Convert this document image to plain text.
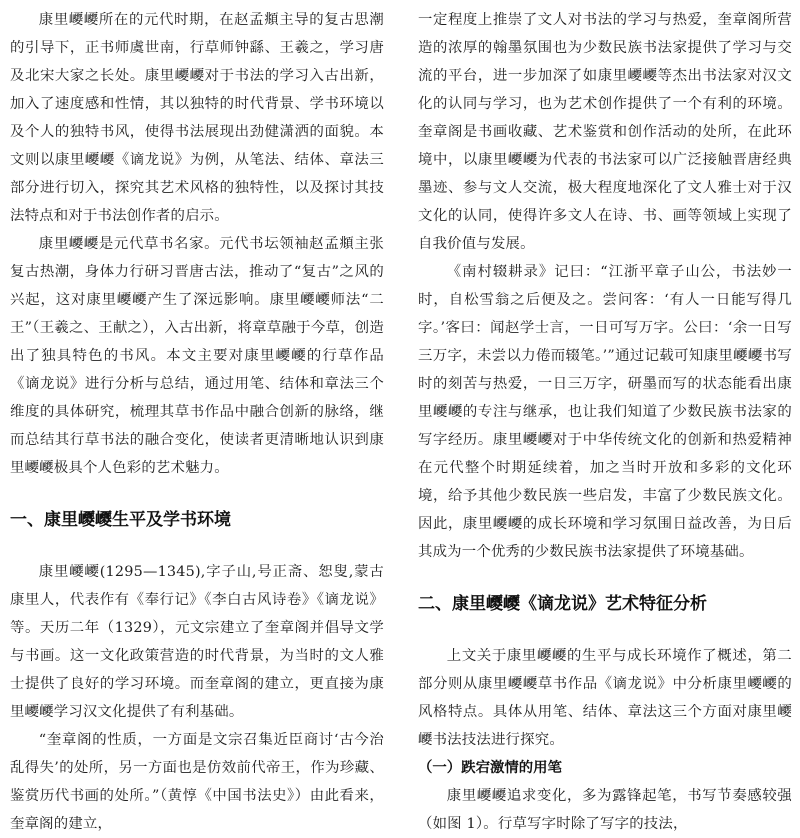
康里巎巎所在的元代时期，在赵孟頫主导的复古思潮的引导下，正书师虞世南，行草师钟繇、王羲之，学习唐及北宋大家之长处。康里巎巎对于书法的学习入古出新，加入了速度感和性情，其以独特的时代背景、学书环境以及个人的独特书风，使得书法展现出劲健潇洒的面貌。本文则以康里巎巎《谪龙说》为例，从笔法、结体、章法三部分进行切入，探究其艺术风格的独特性，以及探讨其技法特点和对于书法创作者的启示。

康里巎巎是元代草书名家。元代书坛领袖赵孟頫主张复古热潮，身体力行研习晋唐古法，推动了“复古”之风的兴起，这对康里巎巎产生了深远影响。康里巎巎师法“二王”（王羲之、王献之），入古出新，将章草融于今草，创造出了独具特色的书风。本文主要对康里巎巎的行草作品《谪龙说》进行分析与总结，通过用笔、结体和章法三个维度的具体研究，梳理其草书作品中融合创新的脉络，继而总结其行草书法的融合变化，使读者更清晰地认识到康里巎巎极具个人色彩的艺术魅力。

一、康里巎巎生平及学书环境

康里巎巎(1295—1345),字子山,号正斋、恕叟,蒙古康里人，代表作有《奉行记》《李白古风诗卷》《谪龙说》等。天历二年（1329），元文宗建立了奎章阁并倡导文学与书画。这一文化政策营造的时代背景，为当时的文人雅士提供了良好的学习环境。而奎章阁的建立，更直接为康里巎巎学习汉文化提供了有利基础。

“奎章阁的性质，一方面是文宗召集近臣商讨‘古今治乱得失’的处所，另一方面也是仿效前代帝王，作为珍藏、鉴赏历代书画的处所。”（黄惇《中国书法史》）由此看来，奎章阁的建立，

一定程度上推崇了文人对书法的学习与热爱，奎章阁所营造的浓厚的翰墨氛围也为少数民族书法家提供了学习与交流的平台，进一步加深了如康里巎巎等杰出书法家对汉文化的认同与学习，也为艺术创作提供了一个有利的环境。奎章阁是书画收藏、艺术鉴赏和创作活动的处所，在此环境中，以康里巎巎为代表的书法家可以广泛接触晋唐经典墨迹、参与文人交流，极大程度地深化了文人雅士对于汉文化的认同，使得许多文人在诗、书、画等领域上实现了自我价值与发展。

《南村辍耕录》记曰：“江浙平章子山公，书法妙一时，自松雪翁之后便及之。尝问客：‘有人一日能写得几字。’客曰：闻赵学士言，一日可写万字。公曰：‘余一日写三万字，未尝以力倦而辍笔。’”通过记载可知康里巎巎书写时的刻苦与热爱，一日三万字，研墨而写的状态能看出康里巎巎的专注与继承，也让我们知道了少数民族书法家的写字经历。康里巎巎对于中华传统文化的创新和热爱精神在元代整个时期延续着，加之当时开放和多彩的文化环境，给予其他少数民族一些启发，丰富了少数民族文化。因此，康里巎巎的成长环境和学习氛围日益改善，为日后其成为一个优秀的少数民族书法家提供了环境基础。

二、康里巎巎《谪龙说》艺术特征分析

上文关于康里巎巎的生平与成长环境作了概述，第二部分则从康里巎巎草书作品《谪龙说》中分析康里巎巎的风格特点。具体从用笔、结体、章法这三个方面对康里巎巎书法技法进行探究。

（一）跌宕激情的用笔

康里巎巎追求变化，多为露锋起笔，书写节奏感较强（如图 1）。行草写字时除了写字的技法，
